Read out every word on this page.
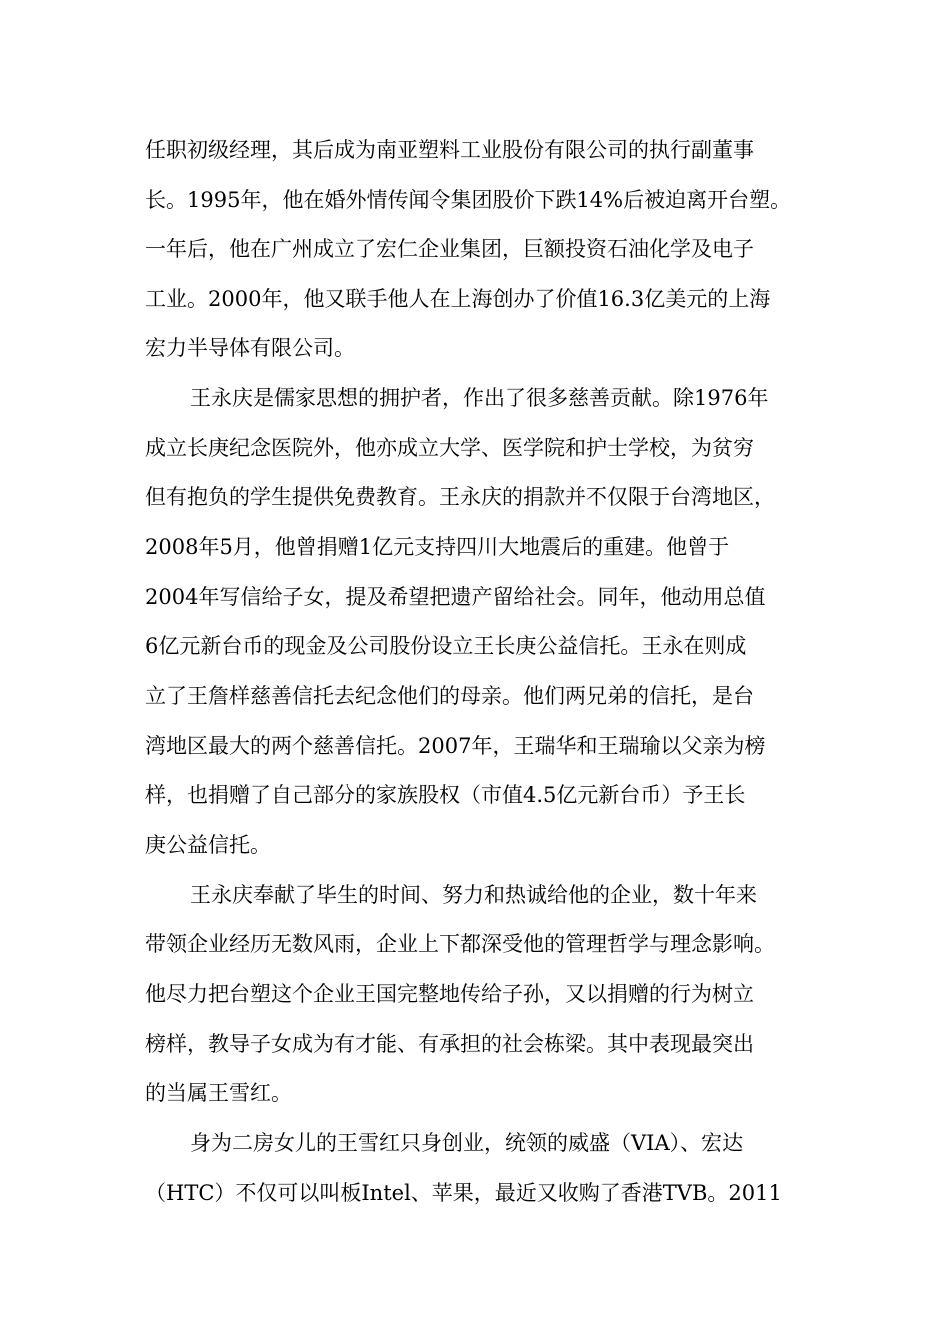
任职初级经理，其后成为南亚塑料工业股份有限公司的执行副董事
长。1995年，他在婚外情传闻令集团股价下跌14%后被迫离开台塑。
一年后，他在广州成立了宏仁企业集团，巨额投资石油化学及电子
工业。2000年，他又联手他人在上海创办了价值16.3亿美元的上海
宏力半导体有限公司。
王永庆是儒家思想的拥护者，作出了很多慈善贡献。除1976年
成立长庚纪念医院外，他亦成立大学、医学院和护士学校，为贫穷
但有抱负的学生提供免费教育。王永庆的捐款并不仅限于台湾地区，
2008年5月，他曾捐赠1亿元支持四川大地震后的重建。他曾于
2004年写信给子女，提及希望把遗产留给社会。同年，他动用总值
6亿元新台币的现金及公司股份设立王长庚公益信托。王永在则成
立了王詹样慈善信托去纪念他们的母亲。他们两兄弟的信托，是台
湾地区最大的两个慈善信托。2007年，王瑞华和王瑞瑜以父亲为榜
样，也捐赠了自己部分的家族股权（市值4.5亿元新台币）予王长
庚公益信托。
王永庆奉献了毕生的时间、努力和热诚给他的企业，数十年来
带领企业经历无数风雨，企业上下都深受他的管理哲学与理念影响。
他尽力把台塑这个企业王国完整地传给子孙，又以捐赠的行为树立
榜样，教导子女成为有才能、有承担的社会栋梁。其中表现最突出
的当属王雪红。
身为二房女儿的王雪红只身创业，统领的威盛（VIA）、宏达
（HTC）不仅可以叫板Intel、苹果，最近又收购了香港TVB。2011
